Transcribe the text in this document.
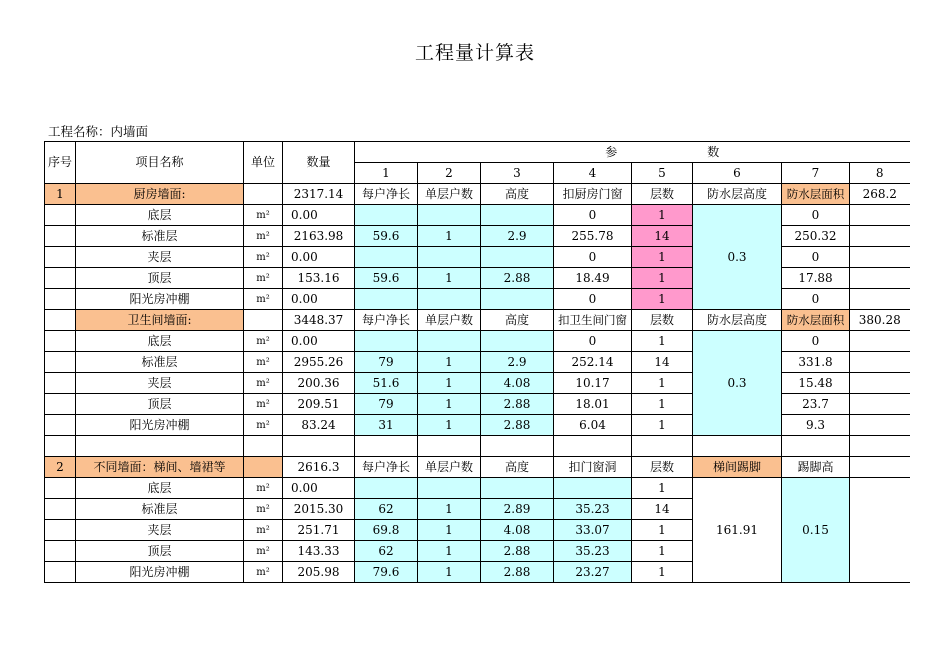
工程量计算表
工程名称：内墙面
序号	项目名称	单位	数量	参 数							
				1	2	3	4	5	6	7	8
1	厨房墙面:		2317.14	每户净长	单层户数	高度	扣厨房门窗	层数	防水层高度	防水层面积	268.2
	底层	m²	0.00				0	1	0.3	0	
	标准层	m²	2163.98	59.6	1	2.9	255.78	14		250.32	
	夹层	m²	0.00				0	1		0	
	顶层	m²	153.16	59.6	1	2.88	18.49	1		17.88	
	阳光房冲棚	m²	0.00				0	1		0	
	卫生间墙面:		3448.37	每户净长	单层户数	高度	扣卫生间门窗	层数	防水层高度	防水层面积	380.28
	底层	m²	0.00				0	1	0.3	0	
	标准层	m²	2955.26	79	1	2.9	252.14	14		331.8	
	夹层	m²	200.36	51.6	1	4.08	10.17	1		15.48	
	顶层	m²	209.51	79	1	2.88	18.01	1		23.7	
	阳光房冲棚	m²	83.24	31	1	2.88	6.04	1		9.3	

2	不同墙面：梯间、墙裙等		2616.3	每户净长	单层户数	高度	扣门窗洞	层数	梯间踢脚	踢脚高	
	底层	m²	0.00					1	161.91	0.15	
	标准层	m²	2015.30	62	1	2.89	35.23	14			
	夹层	m²	251.71	69.8	1	4.08	33.07	1			
	顶层	m²	143.33	62	1	2.88	35.23	1			
	阳光房冲棚	m²	205.98	79.6	1	2.88	23.27	1			
